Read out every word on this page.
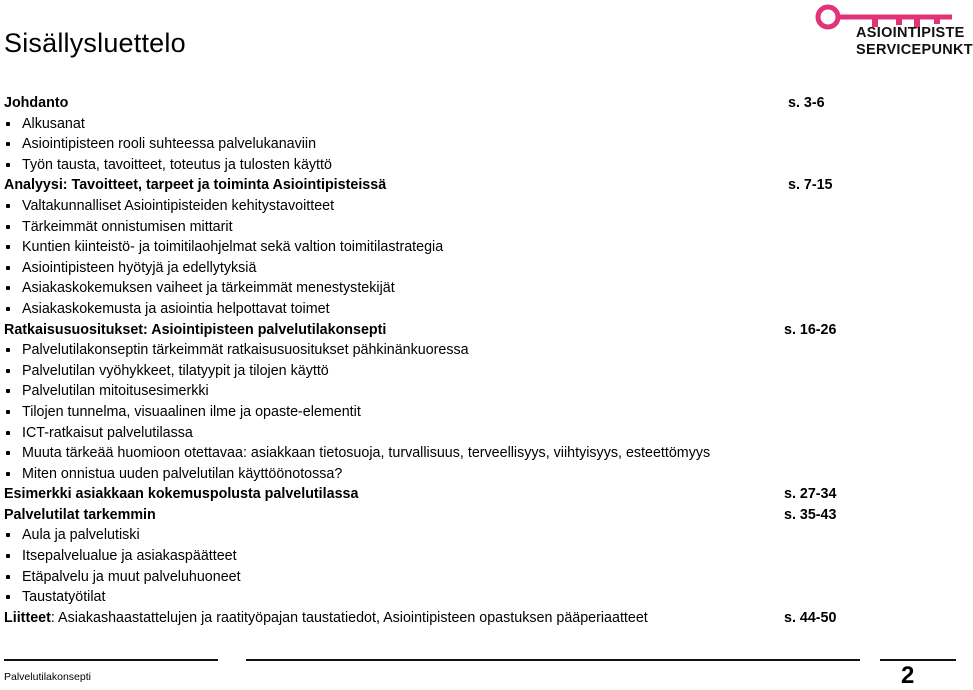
Sisällysluettelo	ASIOINTIPISTE
SERVICEPUNKT
Johdanto	s. 3-6
Alkusanat
Asiointipisteen rooli suhteessa palvelukanaviin
Työn tausta, tavoitteet, toteutus ja tulosten käyttö
Analyysi: Tavoitteet, tarpeet ja toiminta Asiointipisteissä	s. 7-15
Valtakunnalliset Asiointipisteiden kehitystavoitteet
Tärkeimmät onnistumisen mittarit
Kuntien kiinteistö- ja toimitilaohjelmat sekä valtion toimitilastrategia
Asiointipisteen hyötyjä ja edellytyksiä
Asiakaskokemuksen vaiheet ja tärkeimmät menestystekijät
Asiakaskokemusta ja asiointia helpottavat toimet
Ratkaisusuositukset: Asiointipisteen palvelutilakonsepti	s. 16-26
Palvelutilakonseptin tärkeimmät ratkaisusuositukset pähkinänkuoressa
Palvelutilan vyöhykkeet, tilatyypit ja tilojen käyttö
Palvelutilan mitoitusesimerkki
Tilojen tunnelma, visuaalinen ilme ja opaste-elementit
ICT-ratkaisut palvelutilassa
Muuta tärkeää huomioon otettavaa: asiakkaan tietosuoja, turvallisuus, terveellisyys, viihtyisyys, esteettömyys
Miten onnistua uuden palvelutilan käyttöönotossa?
Esimerkki asiakkaan kokemuspolusta palvelutilassa	s. 27-34
Palvelutilat tarkemmin	s. 35-43
Aula ja palvelutiski
Itsepalvelualue ja asiakaspäätteet
Etäpalvelu ja muut palveluhuoneet
Taustatyötilat
Liitteet: Asiakashaastattelujen ja raatityöpajan taustatiedot, Asiointipisteen opastuksen pääperiaatteet	s. 44-50
Palvelutilakonsepti	2
